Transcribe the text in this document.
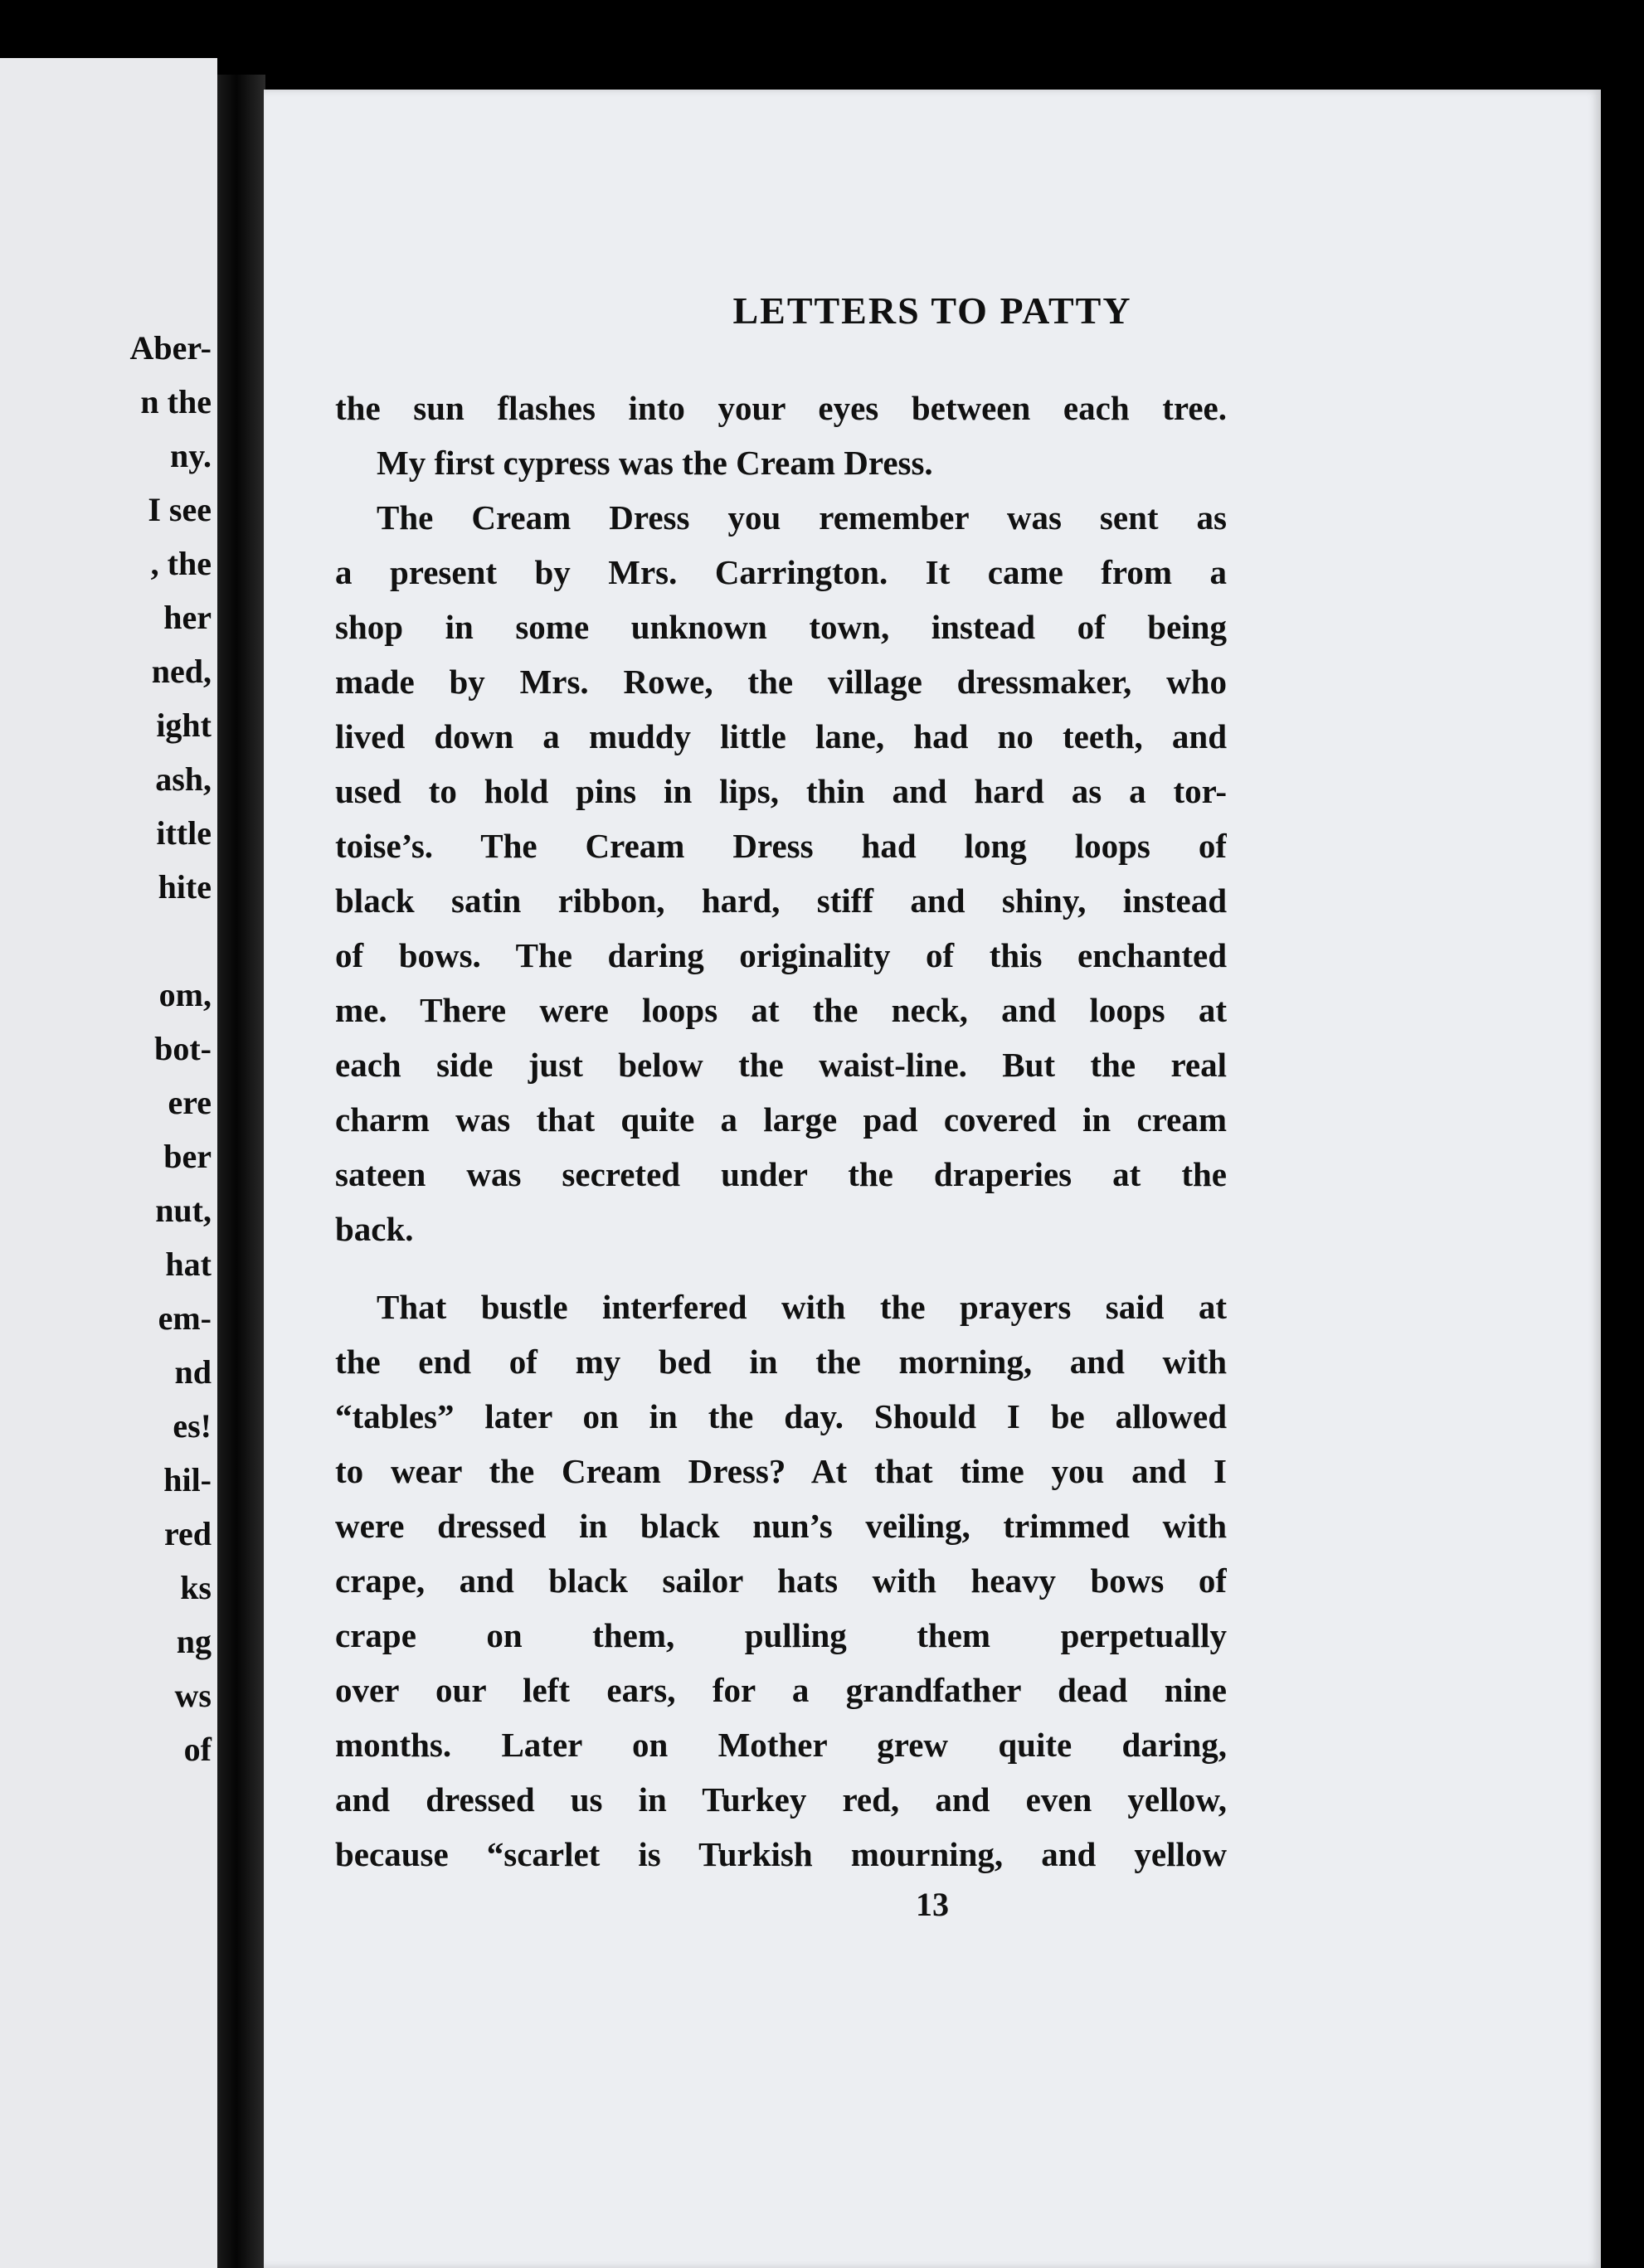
Aber-
n the
ny.
I see
, the
her
ned,
ight
ash,
ittle
hite
om,
bot-
ere
ber
nut,
hat
em-
nd
es!
hil-
red
ks
ng
ws
of
LETTERS TO PATTY
the sun flashes into your eyes between each tree.
My first cypress was the Cream Dress.
The Cream Dress you remember was sent as
a present by Mrs. Carrington. It came from a
shop in some unknown town, instead of being
made by Mrs. Rowe, the village dressmaker, who
lived down a muddy little lane, had no teeth, and
used to hold pins in lips, thin and hard as a tor-
toise’s. The Cream Dress had long loops of
black satin ribbon, hard, stiff and shiny, instead
of bows. The daring originality of this enchanted
me. There were loops at the neck, and loops at
each side just below the waist-line. But the real
charm was that quite a large pad covered in cream
sateen was secreted under the draperies at the
back.
That bustle interfered with the prayers said at
the end of my bed in the morning, and with
“tables” later on in the day. Should I be allowed
to wear the Cream Dress? At that time you and I
were dressed in black nun’s veiling, trimmed with
crape, and black sailor hats with heavy bows of
crape on them, pulling them perpetually
over our left ears, for a grandfather dead nine
months. Later on Mother grew quite daring,
and dressed us in Turkey red, and even yellow,
because “scarlet is Turkish mourning, and yellow
13
